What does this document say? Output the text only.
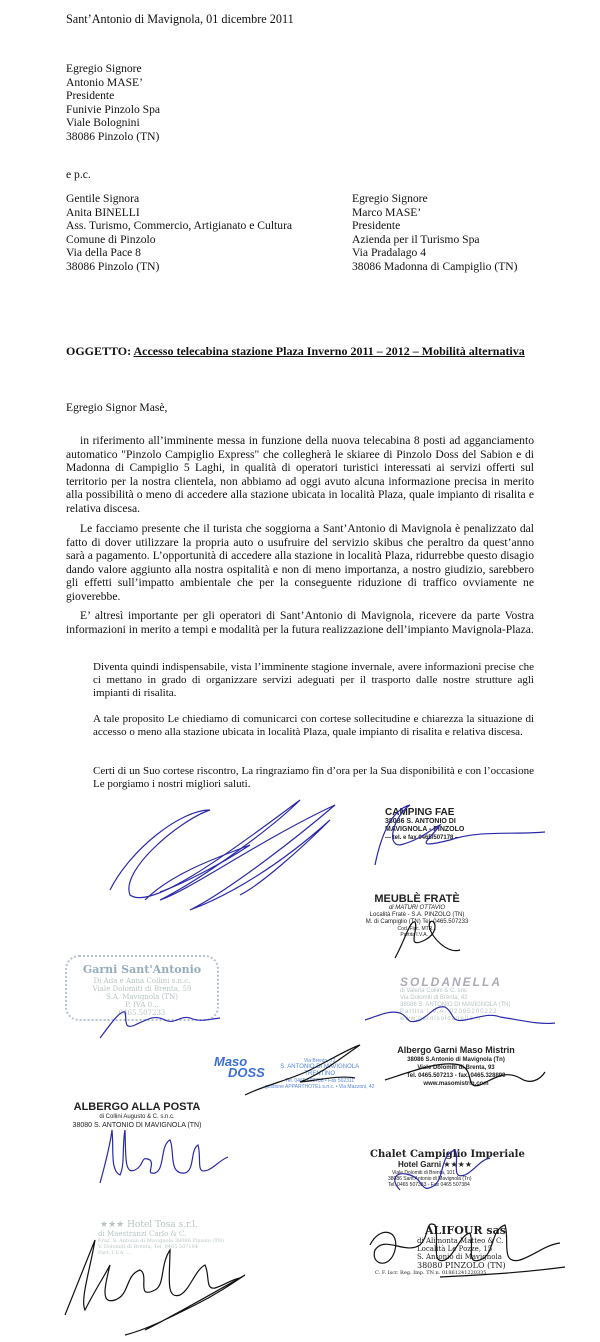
Sant’Antonio di Mavignola, 01 dicembre 2011
Egregio Signore
Antonio MASE’
Presidente
Funivie Pinzolo Spa
Viale Bolognini
38086 Pinzolo (TN)
e p.c.
Gentile Signora
Anita BINELLI
Ass. Turismo, Commercio, Artigianato e Cultura
Comune di Pinzolo
Via della Pace 8
38086 Pinzolo (TN)
Egregio Signore
Marco MASE’
Presidente
Azienda per il Turismo Spa
Via Pradalago 4
38086 Madonna di Campiglio (TN)
OGGETTO: Accesso telecabina stazione Plaza Inverno 2011 – 2012 – Mobilità alternativa
Egregio Signor Masè,
in riferimento all’imminente messa in funzione della nuova telecabina 8 posti ad agganciamento automatico "Pinzolo Campiglio Express" che collegherà le skiaree di Pinzolo Doss del Sabion e di Madonna di Campiglio 5 Laghi, in qualità di operatori turistici interessati ai servizi offerti sul territorio per la nostra clientela, non abbiamo ad oggi avuto alcuna informazione precisa in merito alla possibilità o meno di accedere alla stazione ubicata in località Plaza, quale impianto di risalita e relativa discesa.
Le facciamo presente che il turista che soggiorna a Sant’Antonio di Mavignola è penalizzato dal fatto di dover utilizzare la propria auto o usufruire del servizio skibus che peraltro da quest’anno sarà a pagamento. L’opportunità di accedere alla stazione in località Plaza, ridurrebbe questo disagio dando valore aggiunto alla nostra ospitalità e non di meno importanza, a nostro giudizio, sarebbero gli effetti sull’impatto ambientale che per la conseguente riduzione di traffico ovviamente ne gioverebbe.
E’ altresì importante per gli operatori di Sant’Antonio di Mavignola, ricevere da parte Vostra informazioni in merito a tempi e modalità per la futura realizzazione dell’impianto Mavignola-Plaza.
Diventa quindi indispensabile, vista l’imminente stagione invernale, avere informazioni precise che ci mettano in grado di organizzare servizi adeguati per il trasporto dalle nostre strutture agli impianti di risalita.
A tale proposito Le chiediamo di comunicarci con cortese sollecitudine e chiarezza la situazione di accesso o meno alla stazione ubicata in località Plaza, quale impianto di risalita e relativa discesa.
Certi di un Suo cortese riscontro, La ringraziamo fin d’ora per la Sua disponibilità e con l’occasione Le porgiamo i nostri migliori saluti.
CAMPING FAE
38086 S. ANTONIO DI
MAVIGNOLA - PINZOLO
— tel. e fax 0465/507178 —
MEUBLÈ FRATÈ
di MATURI OTTAVIO
Località Fratè - S.A. PINZOLO (TN)
M. di Campiglio (TN) Tel. 0465.507233
Cod. Fisc. MTR...
Partita I.V.A. ...
Garni Sant'Antonio
Di Ada e Anna Collini s.n.c.
Viale Dolomiti di Brenta, 59
S.A. Mavignola (TN)
P. IVA 0...
0465.507233
SOLDANELLA
di Valeria Collini & C. snc
Via Dolomiti di Brenta, 42
38086 S. ANTONIO DI MAVIGNOLA (TN)
Partita I.V.A. 02095200222
www.garnisoldanella.it
Maso
DOSS
Via Brenta, 72
S. ANTONIO DI MAVIGNOLA
TRENTINO
Tel. 0465 502758 • Fax 502311
gestione APPARTHOTEL s.n.c. • Via Mazzoni, 42
Albergo Garni Maso Mistrin
38086 S.Antonio di Mavignola (Tn)
Viale Dolomiti di Brenta, 93
Tel. 0465.507213 - fax. 0465.328899
www.masomistrin.com
ALBERGO ALLA POSTA
di Collini Augusto & C. s.n.c.
38080 S. ANTONIO DI MAVIGNOLA (TN)
Chalet Campiglio Imperiale
Hotel Garni ★★★★
Viale Dolomiti di Brenta, 101
38086 Sant'Antonio di Mavignola (Tn)
Tel. 0465 507383 - Fax 0465 507384
★★★ Hotel Tosa s.r.l.
di Maestranzi Carlo & C.
Fraz. S. Antonio di Mavignola 38086 Pinzolo (TN)
V. Dolomiti di Brenta, Tel. 0465 507184
Part. I.V.A. ...
ALIFOUR sas
di Alimonta Matteo & C.
Località Le Pozze, 15
S. Antonio di Mavignola
38080 PINZOLO (TN)
C. F. Iscr. Reg. Imp. TN n. 01861241220335
